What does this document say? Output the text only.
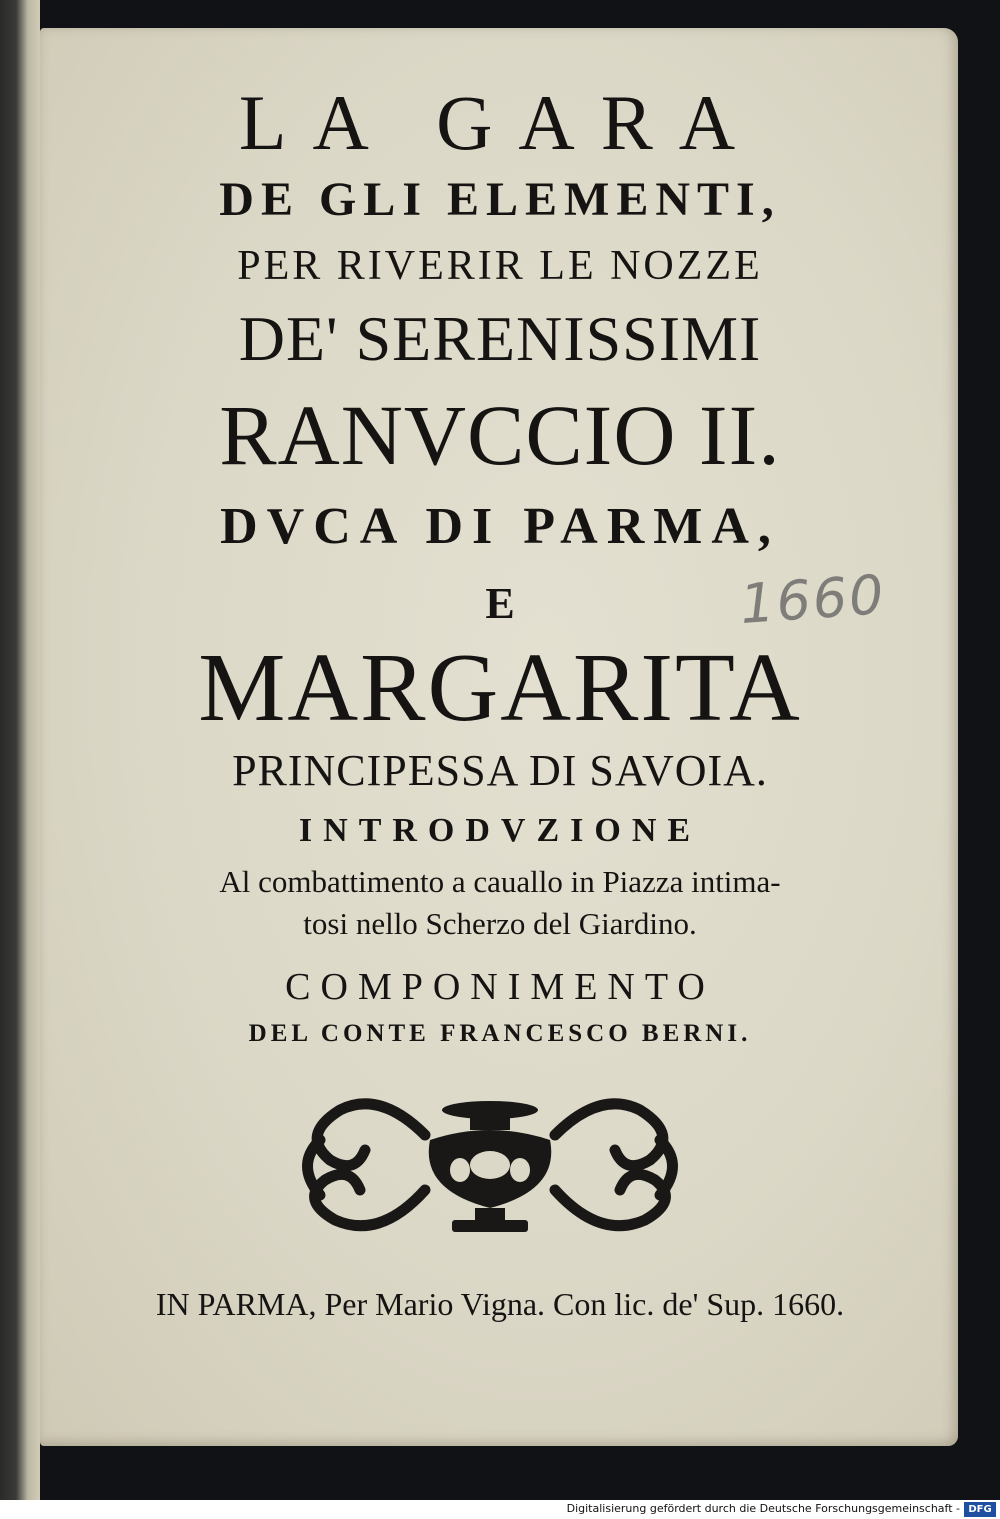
LA GARA

DE GLI ELEMENTI,

PER RIVERIR LE NOZZE

DE' SERENISSIMI

RANVCCIO II.

DVCA DI PARMA,

E

MARGARITA

PRINCIPESSA DI SAVOIA.

1660

INTRODVZIONE

Al combattimento a cauallo in Piazza intima-

tosi nello Scherzo del Giardino.

COMPONIMENTO

DEL CONTE FRANCESCO BERNI.

IN PARMA, Per Mario Vigna. Con lic. de' Sup. 1660.

Digitalisierung gefördert durch die Deutsche Forschungsgemeinschaft - DFG
